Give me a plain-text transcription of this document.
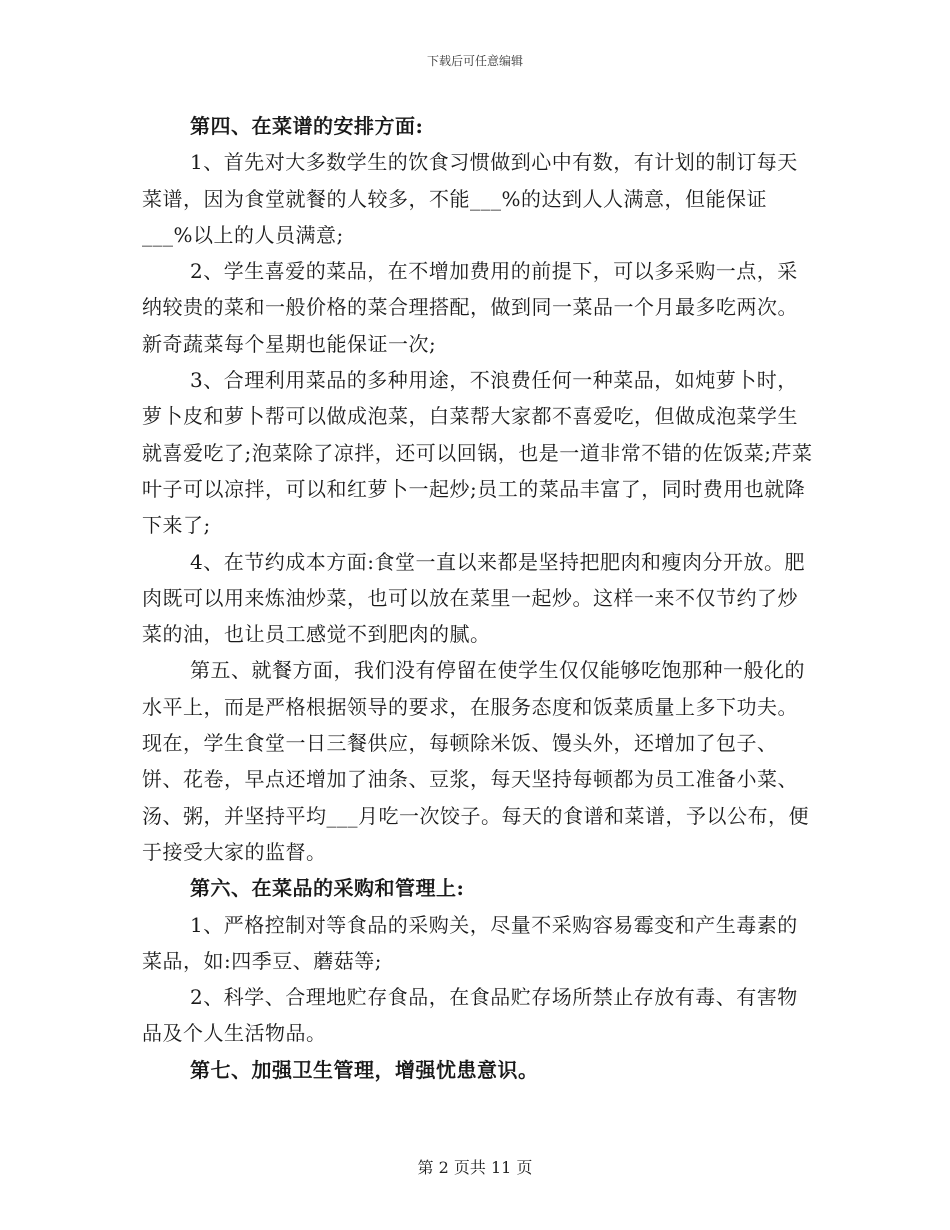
下载后可任意编辑

第四、在菜谱的安排方面:

1、首先对大多数学生的饮食习惯做到心中有数，有计划的制订每天菜谱，因为食堂就餐的人较多，不能___%的达到人人满意，但能保证___%以上的人员满意;

2、学生喜爱的菜品，在不增加费用的前提下，可以多采购一点，采纳较贵的菜和一般价格的菜合理搭配，做到同一菜品一个月最多吃两次。新奇蔬菜每个星期也能保证一次;

3、合理利用菜品的多种用途，不浪费任何一种菜品，如炖萝卜时，萝卜皮和萝卜帮可以做成泡菜，白菜帮大家都不喜爱吃，但做成泡菜学生就喜爱吃了;泡菜除了凉拌，还可以回锅，也是一道非常不错的佐饭菜;芹菜叶子可以凉拌，可以和红萝卜一起炒;员工的菜品丰富了，同时费用也就降下来了;

4、在节约成本方面:食堂一直以来都是坚持把肥肉和瘦肉分开放。肥肉既可以用来炼油炒菜，也可以放在菜里一起炒。这样一来不仅节约了炒菜的油，也让员工感觉不到肥肉的腻。

第五、就餐方面，我们没有停留在使学生仅仅能够吃饱那种一般化的水平上，而是严格根据领导的要求，在服务态度和饭菜质量上多下功夫。现在，学生食堂一日三餐供应，每顿除米饭、馒头外，还增加了包子、饼、花卷，早点还增加了油条、豆浆，每天坚持每顿都为员工准备小菜、汤、粥，并坚持平均___月吃一次饺子。每天的食谱和菜谱，予以公布，便于接受大家的监督。

第六、在菜品的采购和管理上:

1、严格控制对等食品的采购关，尽量不采购容易霉变和产生毒素的菜品，如:四季豆、蘑菇等;

2、科学、合理地贮存食品，在食品贮存场所禁止存放有毒、有害物品及个人生活物品。

第七、加强卫生管理，增强忧患意识。

第 2 页共 11 页
